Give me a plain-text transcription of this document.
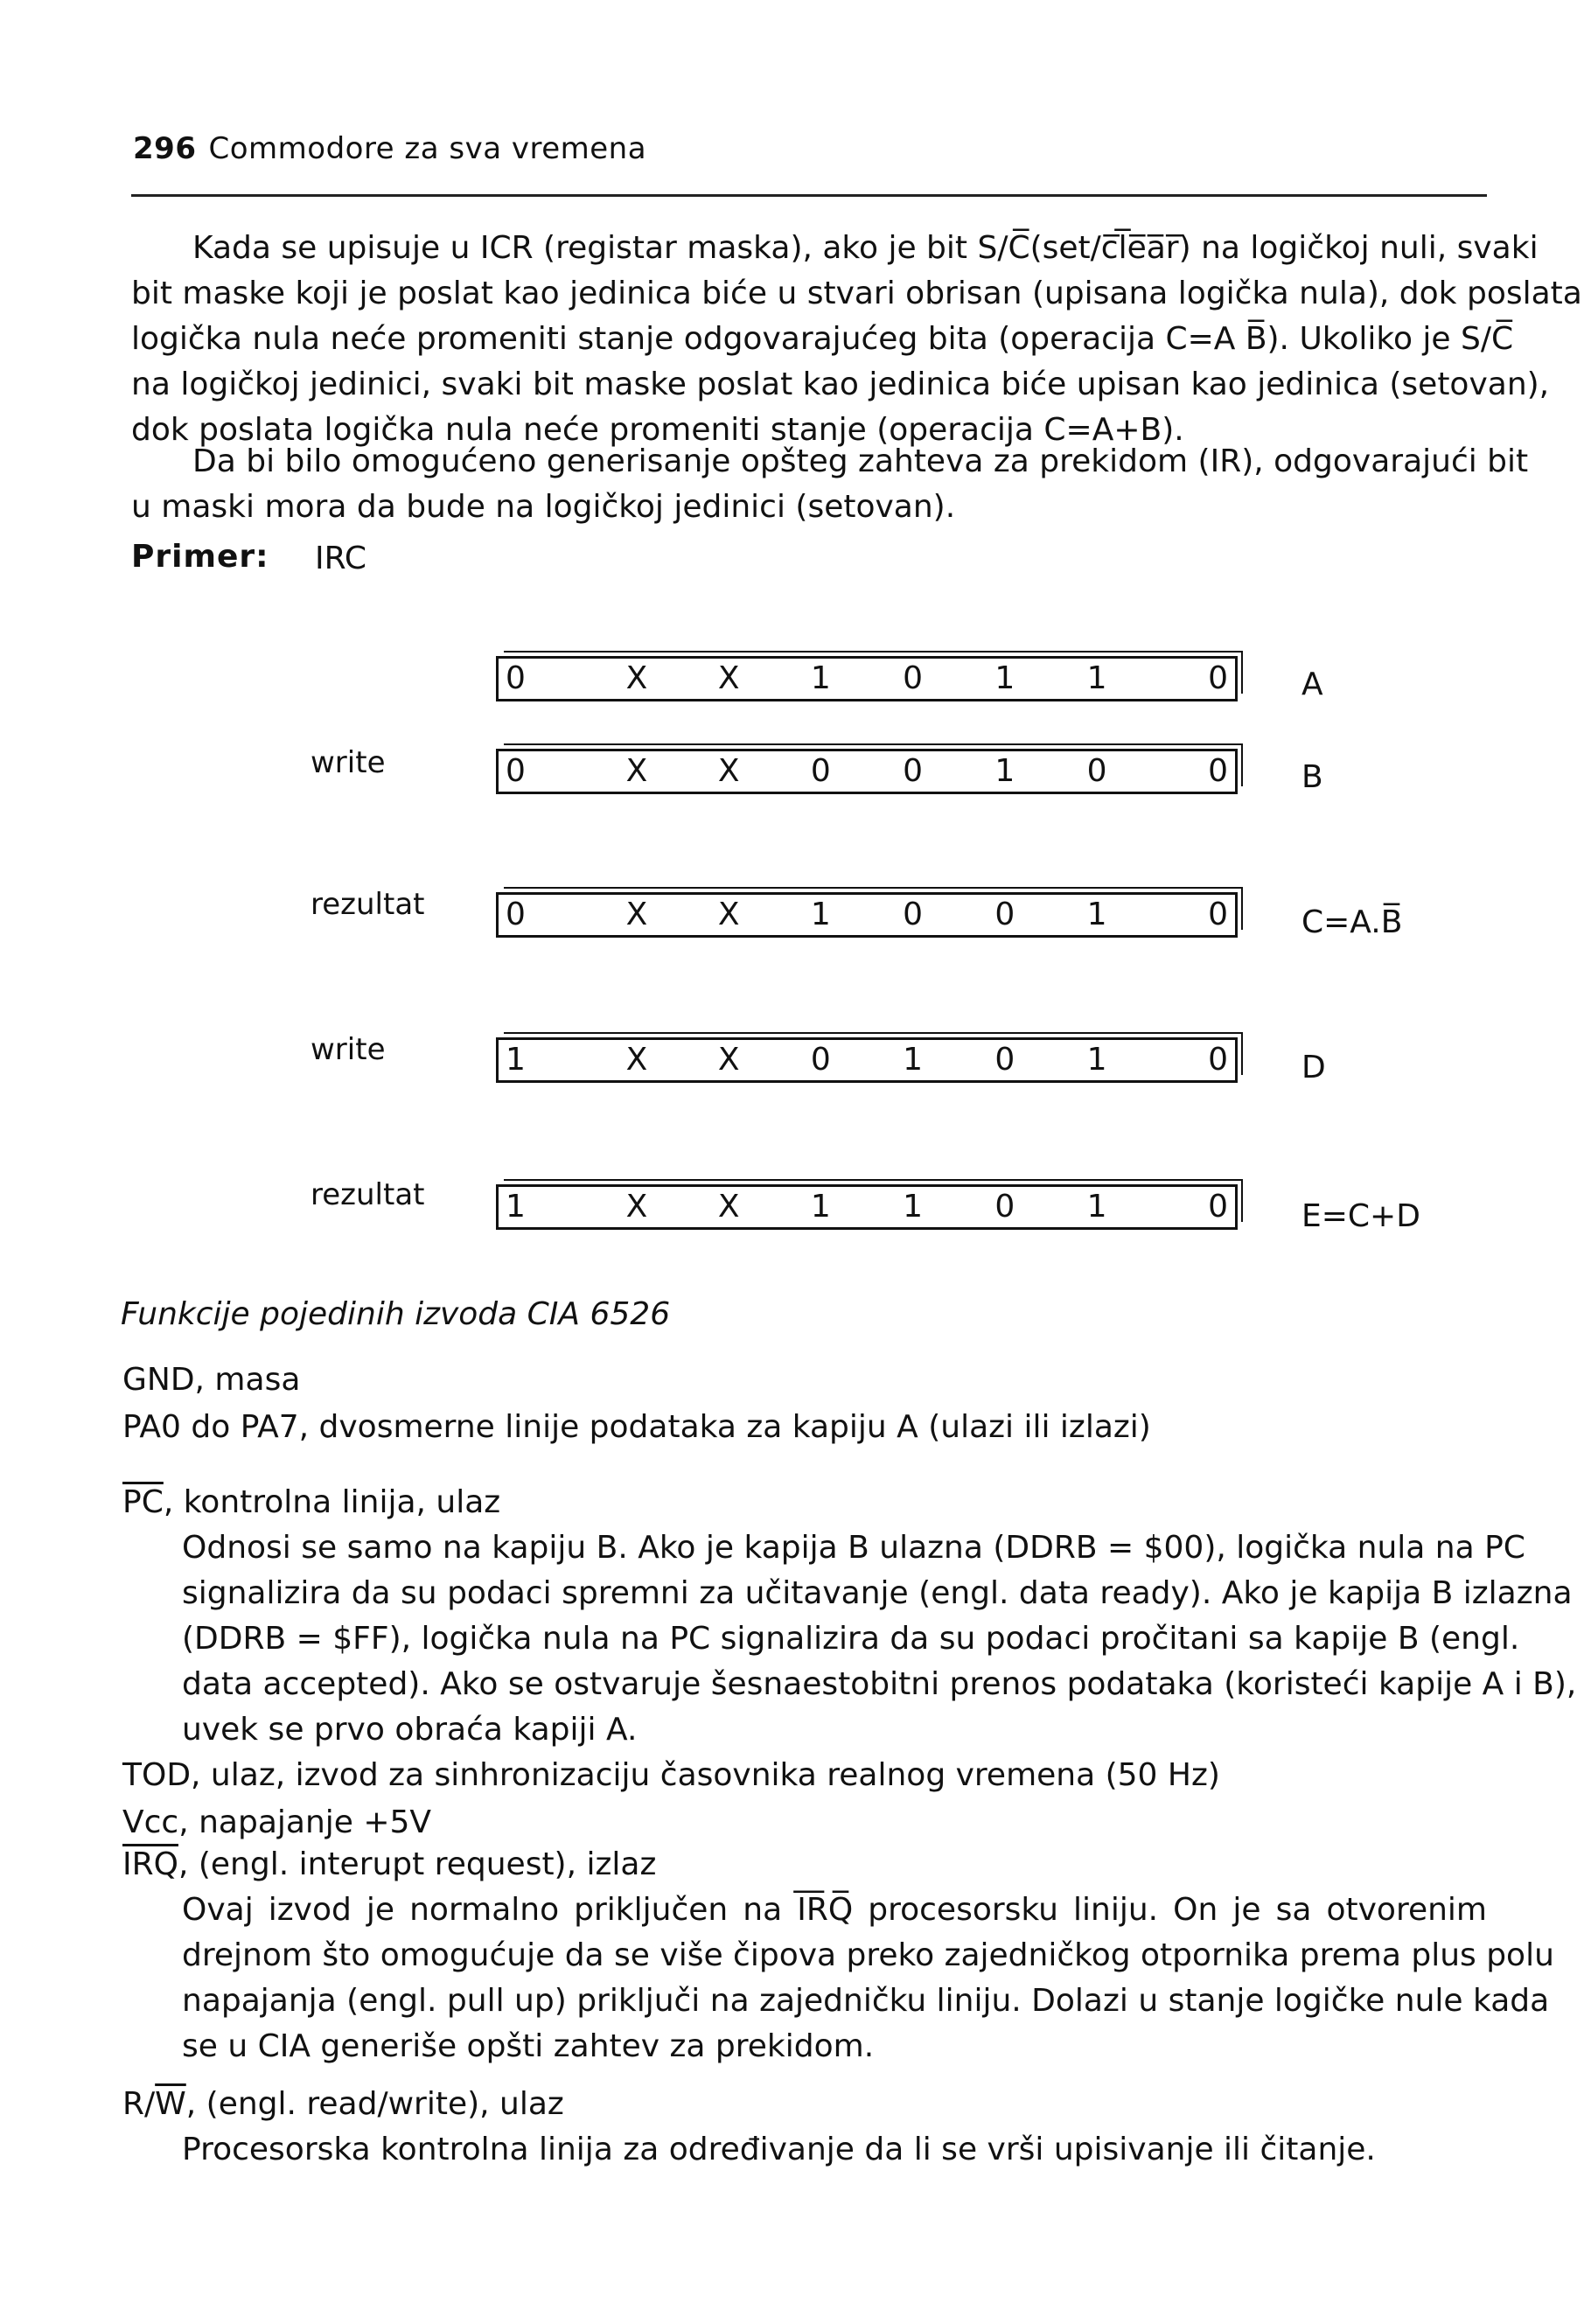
296 Commodore za sva vremena
Kada se upisuje u ICR (registar maska), ako je bit S/C̅(set/c̅l̅e̅a̅r̅) na logičkoj nuli, svaki
bit maske koji je poslat kao jedinica biće u stvari obrisan (upisana logička nula), dok poslata
logička nula neće promeniti stanje odgovarajućeg bita (operacija C=A B̅). Ukoliko je S/C̅
na logičkoj jedinici, svaki bit maske poslat kao jedinica biće upisan kao jedinica (setovan),
dok poslata logička nula neće promeniti stanje (operacija C=A+B).
Da bi bilo omogućeno generisanje opšteg zahteva za prekidom (IR), odgovarajući bit
u maski mora da bude na logičkoj jedinici (setovan).
Primer: IRC
0	X	X	1	0	1	1	0 A
write	0	X	X	0	0	1	0	0 B
rezultat	0	X	X	1	0	0	1	0 C=A.B̅
write	1	X	X	0	1	0	1	0 D
rezultat	1	X	X	1	1	0	1	0 E=C+D
Funkcije pojedinih izvoda CIA 6526
GND, masa
PA0 do PA7, dvosmerne linije podataka za kapiju A (ulazi ili izlazi)
$\overline{PC}$, kontrolna linija, ulaz
Odnosi se samo na kapiju B. Ako je kapija B ulazna (DDRB = $00), logička nula na PC
signalizira da su podaci spremni za učitavanje (engl. data ready). Ako je kapija B izlazna
(DDRB = $FF), logička nula na PC signalizira da su podaci pročitani sa kapije B (engl.
data accepted). Ako se ostvaruje šesnaestobitni prenos podataka (koristeći kapije A i B),
uvek se prvo obraća kapiji A.
TOD, ulaz, izvod za sinhronizaciju časovnika realnog vremena (50 Hz)
Vcc, napajanje +5V
$\overline{IRQ}$, (engl. interupt request), izlaz
Ovaj izvod je normalno priključen na I̅R̅Q̅ procesorsku liniju. On je sa otvorenim
drejnom što omogućuje da se više čipova preko zajedničkog otpornika prema plus polu
napajanja (engl. pull up) priključi na zajedničku liniju. Dolazi u stanje logičke nule kada
se u CIA generiše opšti zahtev za prekidom.
$R/\overline{W}$, (engl. read/write), ulaz
Procesorska kontrolna linija za određivanje da li se vrši upisivanje ili čitanje.
